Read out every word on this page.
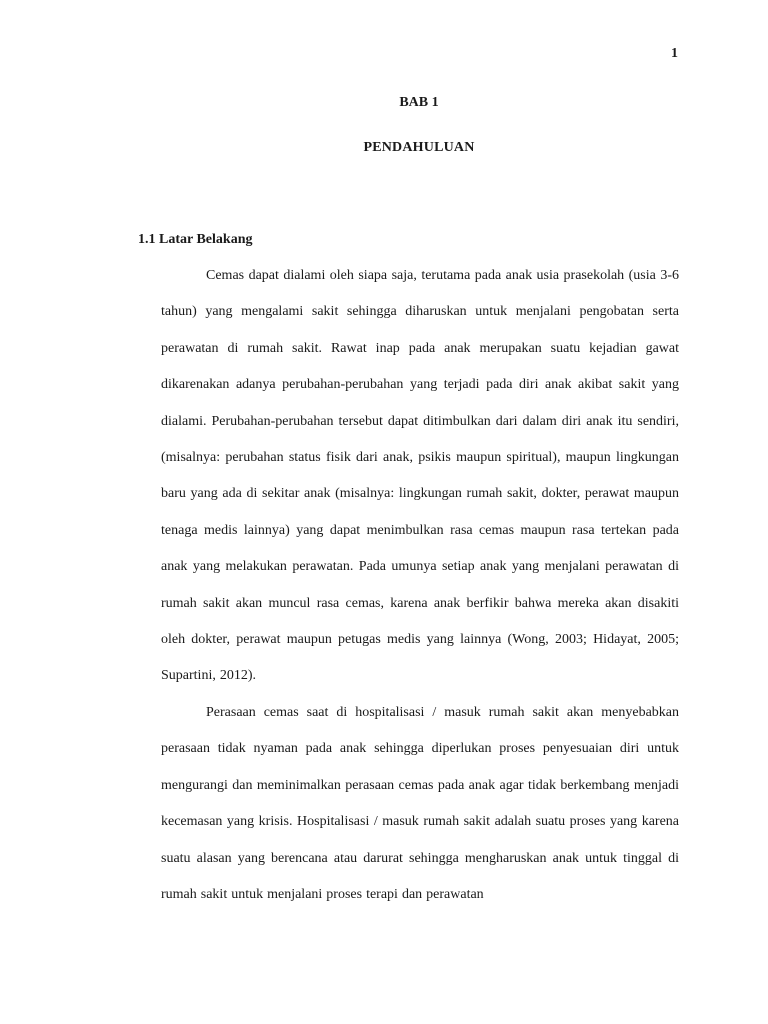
1
BAB 1
PENDAHULUAN
1.1 Latar Belakang

Cemas dapat dialami oleh siapa saja, terutama pada anak usia prasekolah (usia 3-6 tahun) yang mengalami sakit sehingga diharuskan untuk menjalani pengobatan serta perawatan di rumah sakit. Rawat inap pada anak merupakan suatu kejadian gawat dikarenakan adanya perubahan-perubahan yang terjadi pada diri anak akibat sakit yang dialami. Perubahan-perubahan tersebut dapat ditimbulkan dari dalam diri anak itu sendiri, (misalnya: perubahan status fisik dari anak, psikis maupun spiritual), maupun lingkungan baru yang ada di sekitar anak (misalnya: lingkungan rumah sakit, dokter, perawat maupun tenaga medis lainnya) yang dapat menimbulkan rasa cemas maupun rasa tertekan pada anak yang melakukan perawatan. Pada umunya setiap anak yang menjalani perawatan di rumah sakit akan muncul rasa cemas, karena anak berfikir bahwa mereka akan disakiti oleh dokter, perawat maupun petugas medis yang lainnya (Wong, 2003; Hidayat, 2005; Supartini, 2012).

Perasaan cemas saat di hospitalisasi / masuk rumah sakit akan menyebabkan perasaan tidak nyaman pada anak sehingga diperlukan proses penyesuaian diri untuk mengurangi dan meminimalkan perasaan cemas pada anak agar tidak berkembang menjadi kecemasan yang krisis. Hospitalisasi / masuk rumah sakit adalah suatu proses yang karena suatu alasan yang berencana atau darurat sehingga mengharuskan anak untuk tinggal di rumah sakit untuk menjalani proses terapi dan perawatan
